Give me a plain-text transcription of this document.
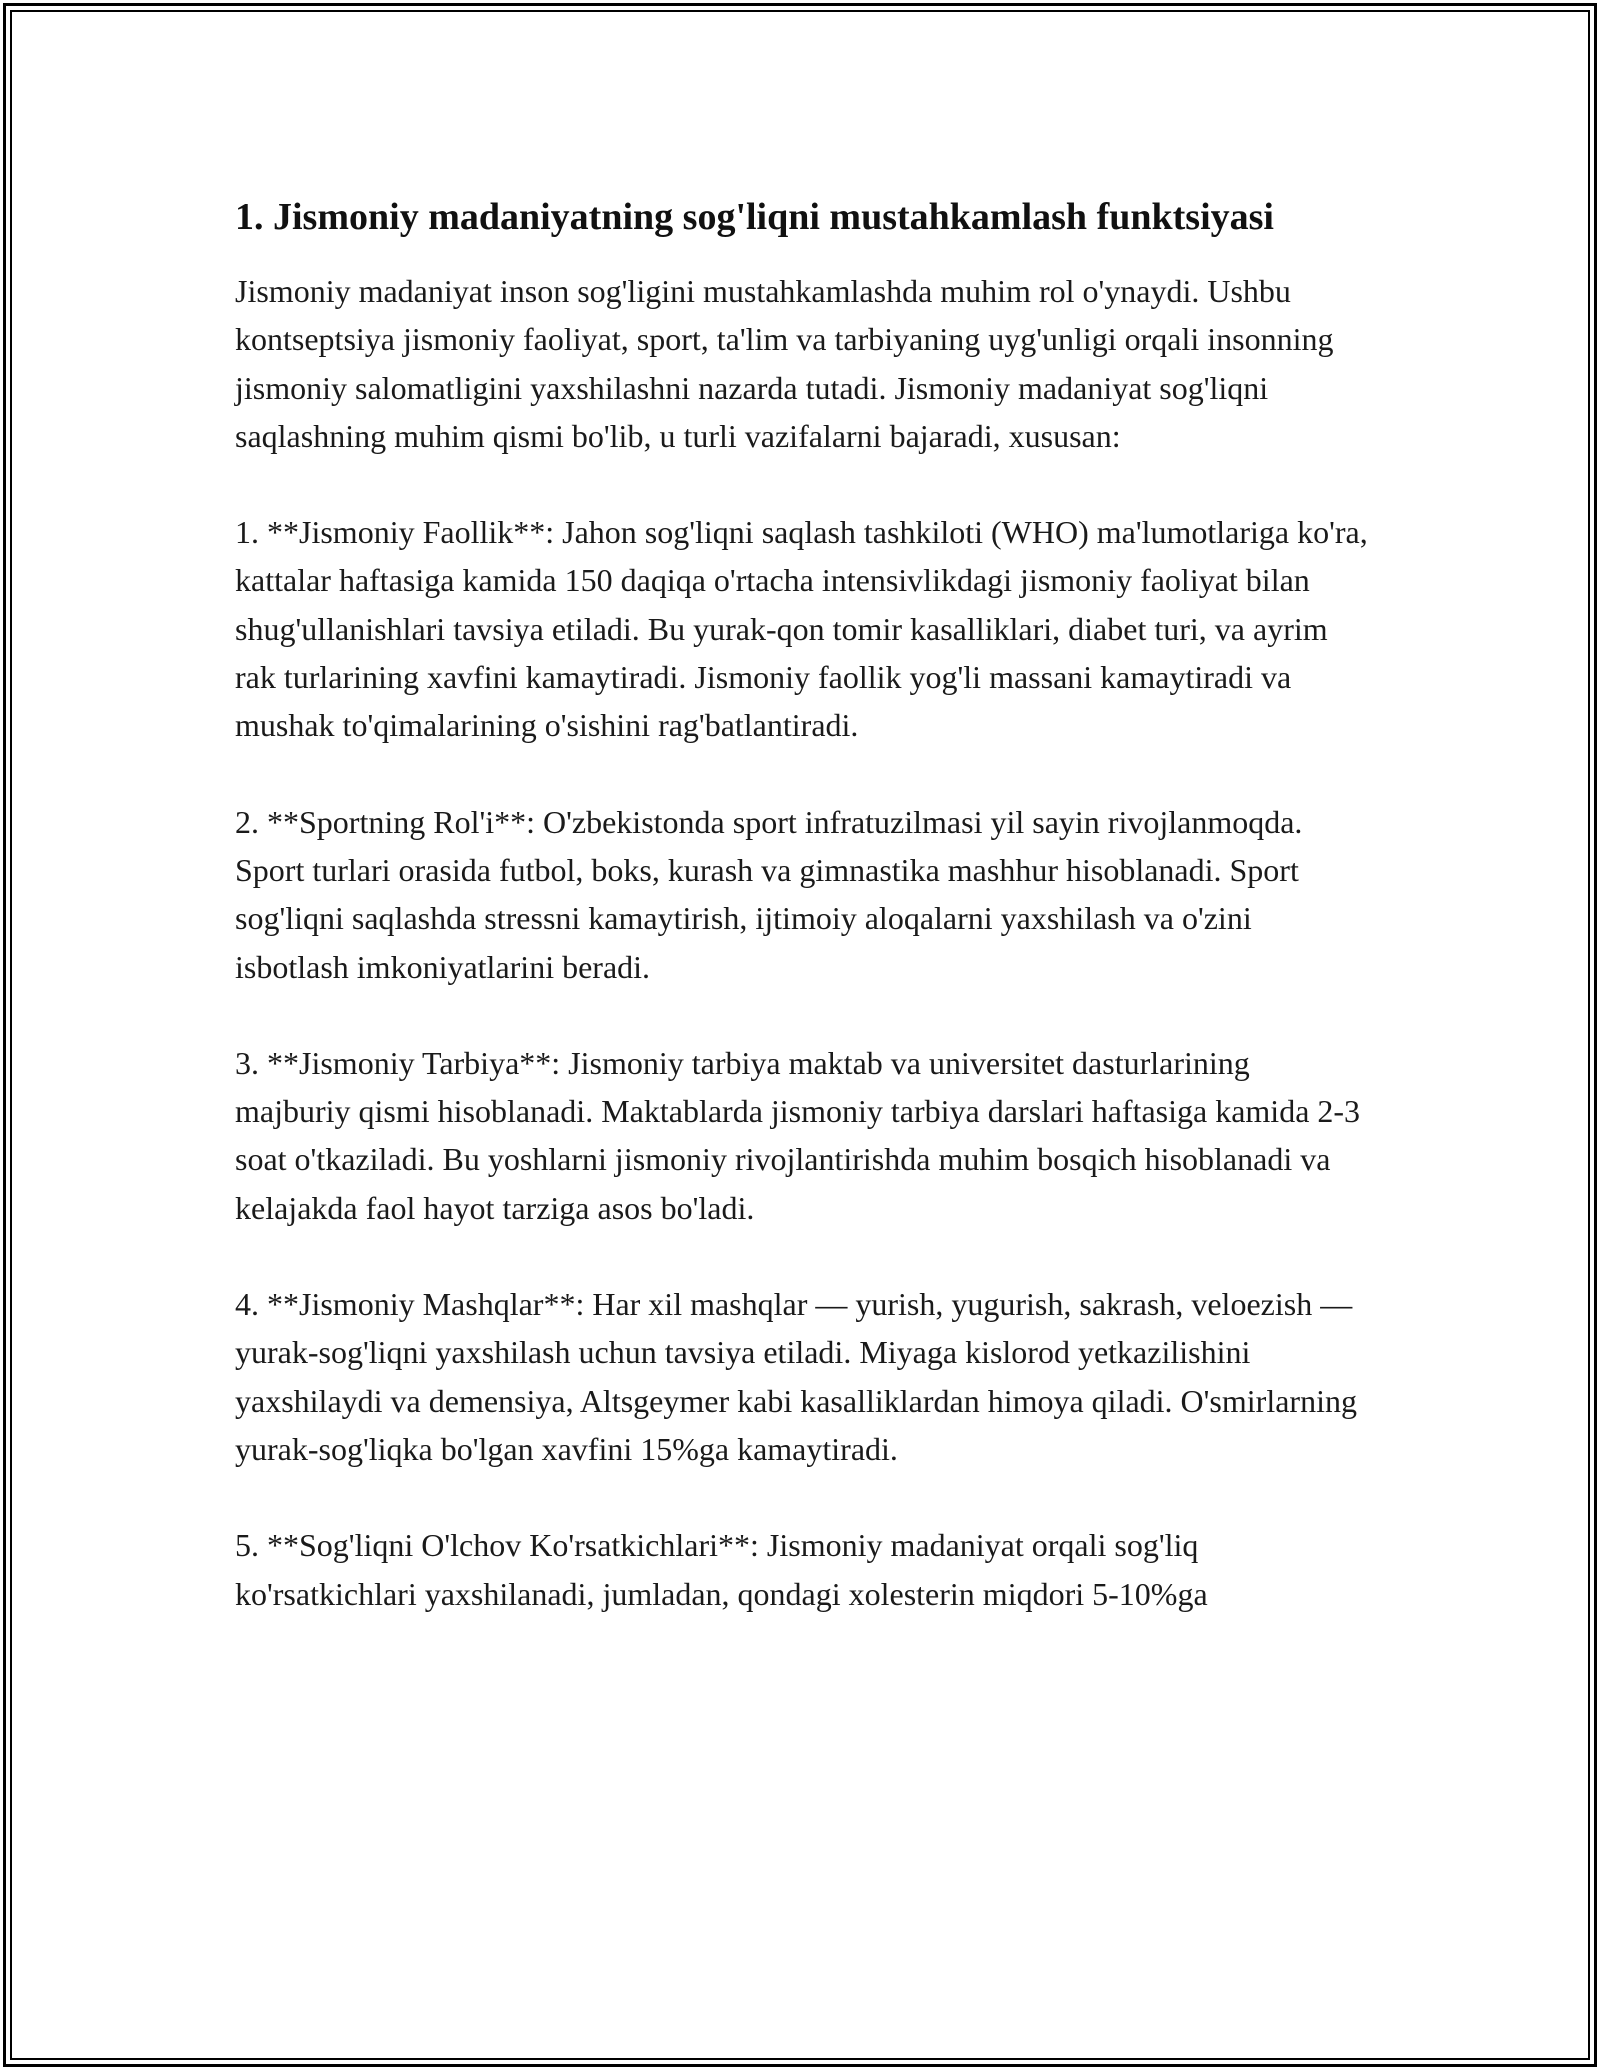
1. Jismoniy madaniyatning sog'liqni mustahkamlash funktsiyasi

Jismoniy madaniyat inson sog'ligini mustahkamlashda muhim rol o'ynaydi. Ushbu kontseptsiya jismoniy faoliyat, sport, ta'lim va tarbiyaning uyg'unligi orqali insonning jismoniy salomatligini yaxshilashni nazarda tutadi. Jismoniy madaniyat sog'liqni saqlashning muhim qismi bo'lib, u turli vazifalarni bajaradi, xususan:

1. **Jismoniy Faollik**: Jahon sog'liqni saqlash tashkiloti (WHO) ma'lumotlariga ko'ra, kattalar haftasiga kamida 150 daqiqa o'rtacha intensivlikdagi jismoniy faoliyat bilan shug'ullanishlari tavsiya etiladi. Bu yurak-qon tomir kasalliklari, diabet turi, va ayrim rak turlarining xavfini kamaytiradi. Jismoniy faollik yog'li massani kamaytiradi va mushak to'qimalarining o'sishini rag'batlantiradi.

2. **Sportning Rol'i**: O'zbekistonda sport infratuzilmasi yil sayin rivojlanmoqda. Sport turlari orasida futbol, boks, kurash va gimnastika mashhur hisoblanadi. Sport sog'liqni saqlashda stressni kamaytirish, ijtimoiy aloqalarni yaxshilash va o'zini isbotlash imkoniyatlarini beradi.

3. **Jismoniy Tarbiya**: Jismoniy tarbiya maktab va universitet dasturlarining majburiy qismi hisoblanadi. Maktablarda jismoniy tarbiya darslari haftasiga kamida 2-3 soat o'tkaziladi. Bu yoshlarni jismoniy rivojlantirishda muhim bosqich hisoblanadi va kelajakda faol hayot tarziga asos bo'ladi.

4. **Jismoniy Mashqlar**: Har xil mashqlar — yurish, yugurish, sakrash, veloezish — yurak-sog'liqni yaxshilash uchun tavsiya etiladi. Miyaga kislorod yetkazilishini yaxshilaydi va demensiya, Altsgeymer kabi kasalliklardan himoya qiladi. O'smirlarning yurak-sog'liqka bo'lgan xavfini 15%ga kamaytiradi.

5. **Sog'liqni O'lchov Ko'rsatkichlari**: Jismoniy madaniyat orqali sog'liq ko'rsatkichlari yaxshilanadi, jumladan, qondagi xolesterin miqdori 5-10%ga
